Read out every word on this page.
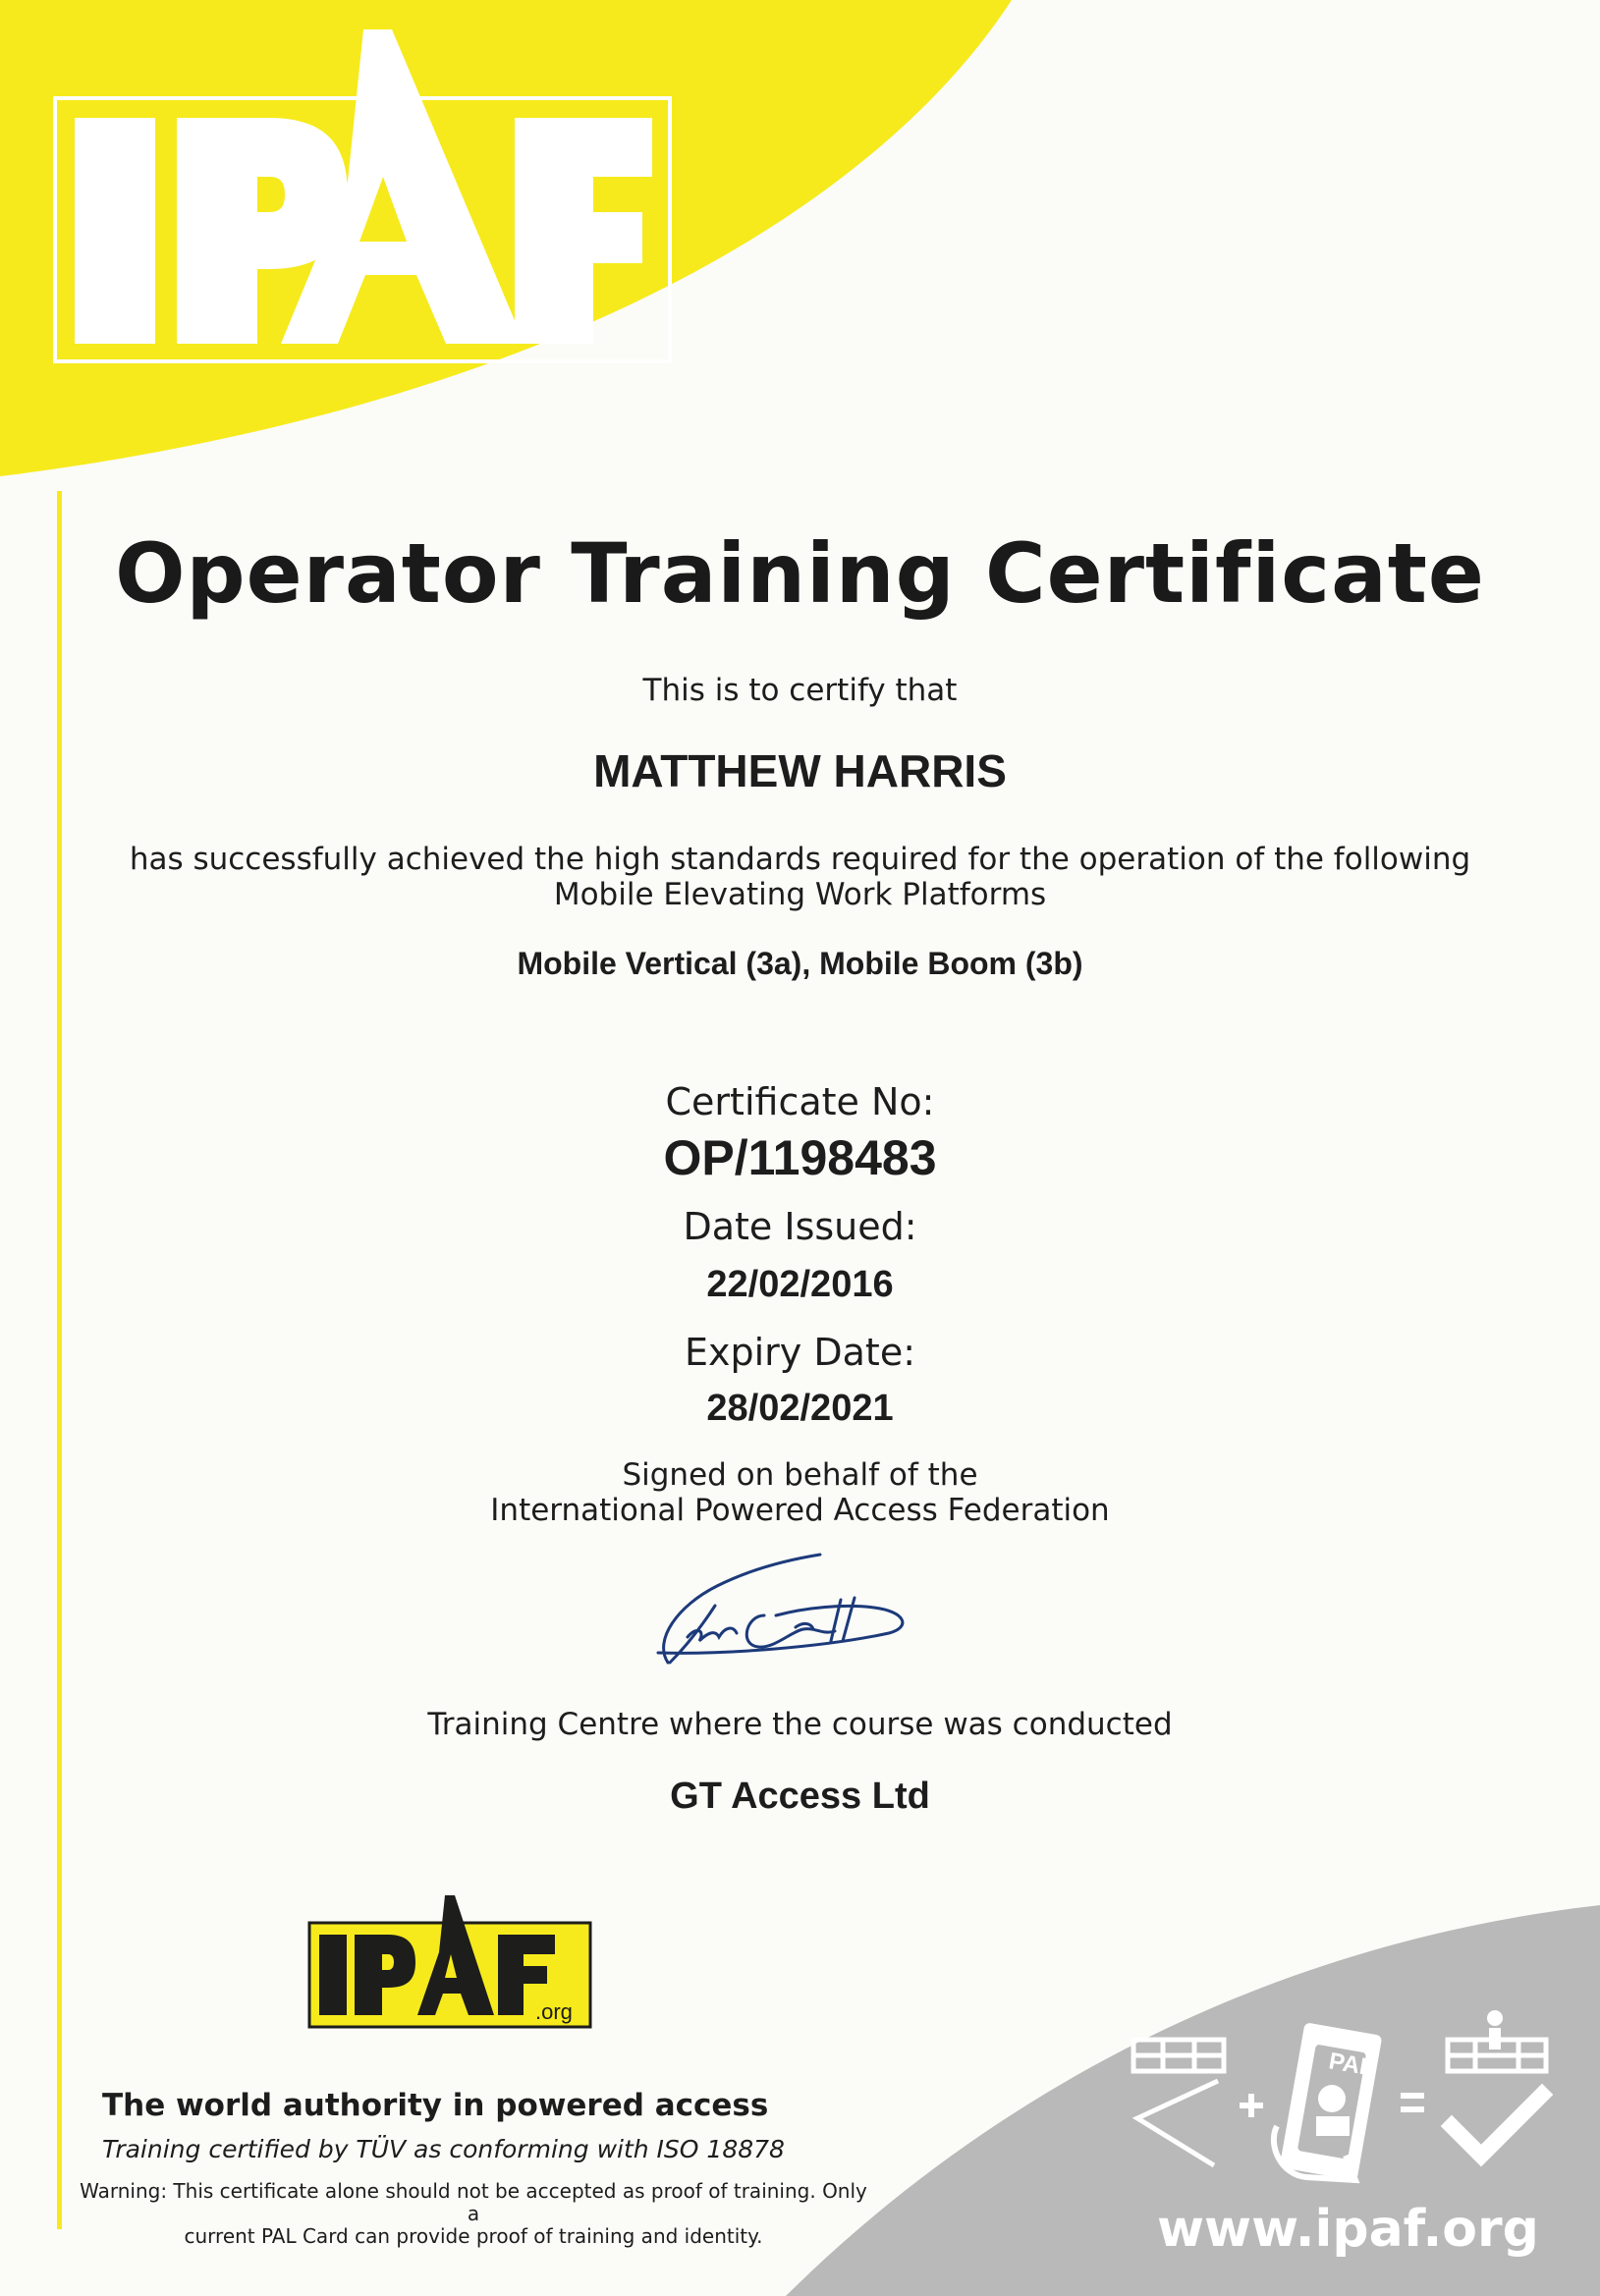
Operator Training Certificate
This is to certify that
MATTHEW HARRIS
has successfully achieved the high standards required for the operation of the following
Mobile Elevating Work Platforms
Mobile Vertical (3a), Mobile Boom (3b)
Certificate No:
OP/1198483
Date Issued:
22/02/2016
Expiry Date:
28/02/2021
Signed on behalf of the
International Powered Access Federation
Training Centre where the course was conducted
GT Access Ltd
.org
The world authority in powered access
Training certified by TÜV as conforming with ISO 18878
Warning: This certificate alone should not be accepted as proof of training. Only a
current PAL Card can provide proof of training and identity.
PAL
www.ipaf.org
